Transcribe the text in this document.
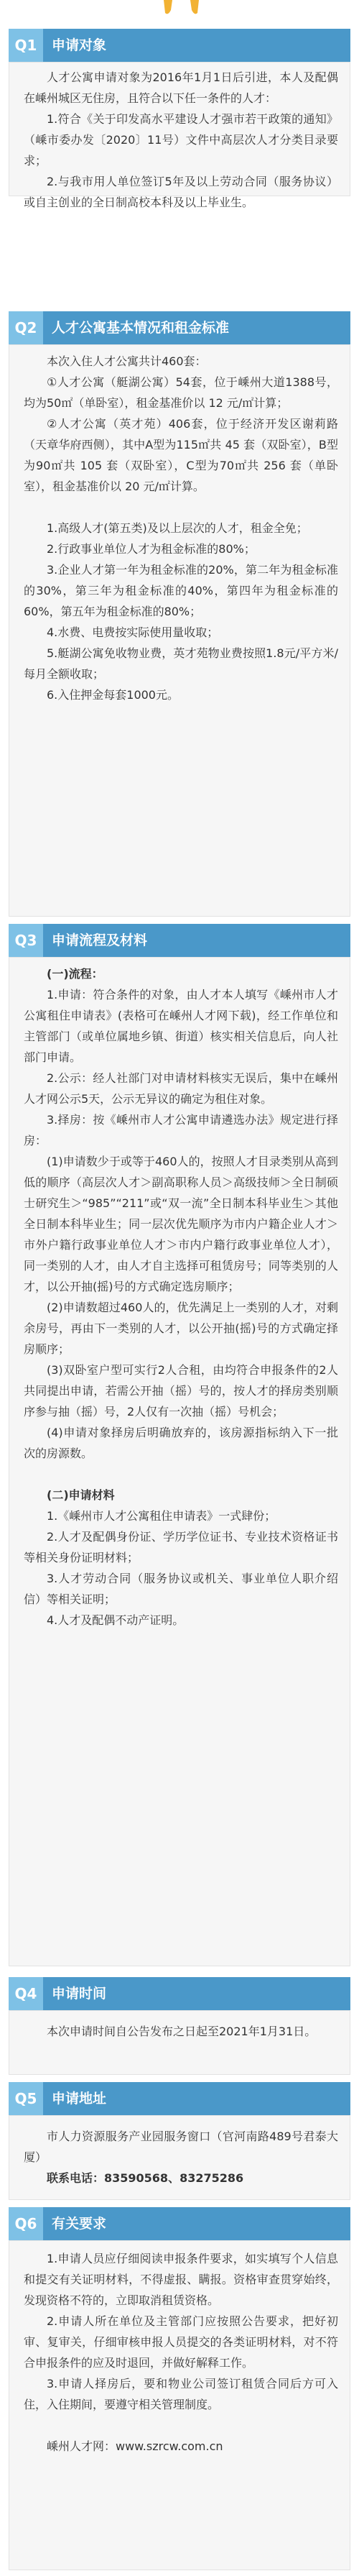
Q1	申请对象

人才公寓申请对象为2016年1月1日后引进，本人及配偶在嵊州城区无住房，且符合以下任一条件的人才：

1.符合《关于印发高水平建设人才强市若干政策的通知》（嵊市委办发〔2020〕11号）文件中高层次人才分类目录要求；

2.与我市用人单位签订5年及以上劳动合同（服务协议）或自主创业的全日制高校本科及以上毕业生。

Q2	人才公寓基本情况和租金标准

本次入住人才公寓共计460套：

①人才公寓（艇湖公寓）54套，位于嵊州大道1388号，均为50㎡（单卧室），租金基准价以 12 元/㎡计算；

②人才公寓（英才苑）406套，位于经济开发区谢莉路（天章华府西侧），其中A型为115㎡共 45 套（双卧室），B型为90㎡共 105 套（双卧室），C型为70㎡共 256 套（单卧室），租金基准价以 20 元/㎡计算。

1.高级人才(第五类)及以上层次的人才，租金全免；

2.行政事业单位人才为租金标准的80%；

3.企业人才第一年为租金标准的20%，第二年为租金标准的30%，第三年为租金标准的40%，第四年为租金标准的60%，第五年为租金标准的80%；

4.水费、电费按实际使用量收取；

5.艇湖公寓免收物业费，英才苑物业费按照1.8元/平方米/每月全额收取；

6.入住押金每套1000元。

Q3	申请流程及材料

(一)流程：

1.申请：符合条件的对象，由人才本人填写《嵊州市人才公寓租住申请表》(表格可在嵊州人才网下载)，经工作单位和主管部门（或单位属地乡镇、街道）核实相关信息后，向人社部门申请。

2.公示：经人社部门对申请材料核实无误后，集中在嵊州人才网公示5天，公示无异议的确定为租住对象。

3.择房：按《嵊州市人才公寓申请遴选办法》规定进行择房：

(1)申请数少于或等于460人的，按照人才目录类别从高到低的顺序（高层次人才＞副高职称人员＞高级技师＞全日制硕士研究生＞“985”“211”或“双一流”全日制本科毕业生＞其他全日制本科毕业生；同一层次优先顺序为市内户籍企业人才＞市外户籍行政事业单位人才＞市内户籍行政事业单位人才），同一类别的人才，由人才自主选择可租赁房号；同等类别的人才，以公开抽(摇)号的方式确定选房顺序；

(2)申请数超过460人的，优先满足上一类别的人才，对剩余房号，再由下一类别的人才，以公开抽(摇)号的方式确定择房顺序；

(3)双卧室户型可实行2人合租，由均符合申报条件的2人共同提出申请，若需公开抽（摇）号的，按人才的择房类别顺序参与抽（摇）号，2人仅有一次抽（摇）号机会；

(4)申请对象择房后明确放弃的，该房源指标纳入下一批次的房源数。

(二)申请材料

1.《嵊州市人才公寓租住申请表》一式肆份；

2.人才及配偶身份证、学历学位证书、专业技术资格证书等相关身份证明材料；

3.人才劳动合同（服务协议或机关、事业单位人职介绍信）等相关证明；

4.人才及配偶不动产证明。

Q4	申请时间

本次申请时间自公告发布之日起至2021年1月31日。

Q5	申请地址

市人力资源服务产业园服务窗口（官河南路489号君泰大厦）

联系电话：83590568、83275286

Q6	有关要求

1.申请人员应仔细阅读申报条件要求，如实填写个人信息和提交有关证明材料，不得虚报、瞒报。资格审查贯穿始终，发现资格不符的，立即取消租赁资格。

2.申请人所在单位及主管部门应按照公告要求，把好初审、复审关，仔细审核申报人员提交的各类证明材料，对不符合申报条件的应及时退回，并做好解释工作。

3.申请人择房后，要和物业公司签订租赁合同后方可入住，入住期间，要遵守相关管理制度。

嵊州人才网：www.szrcw.com.cn
